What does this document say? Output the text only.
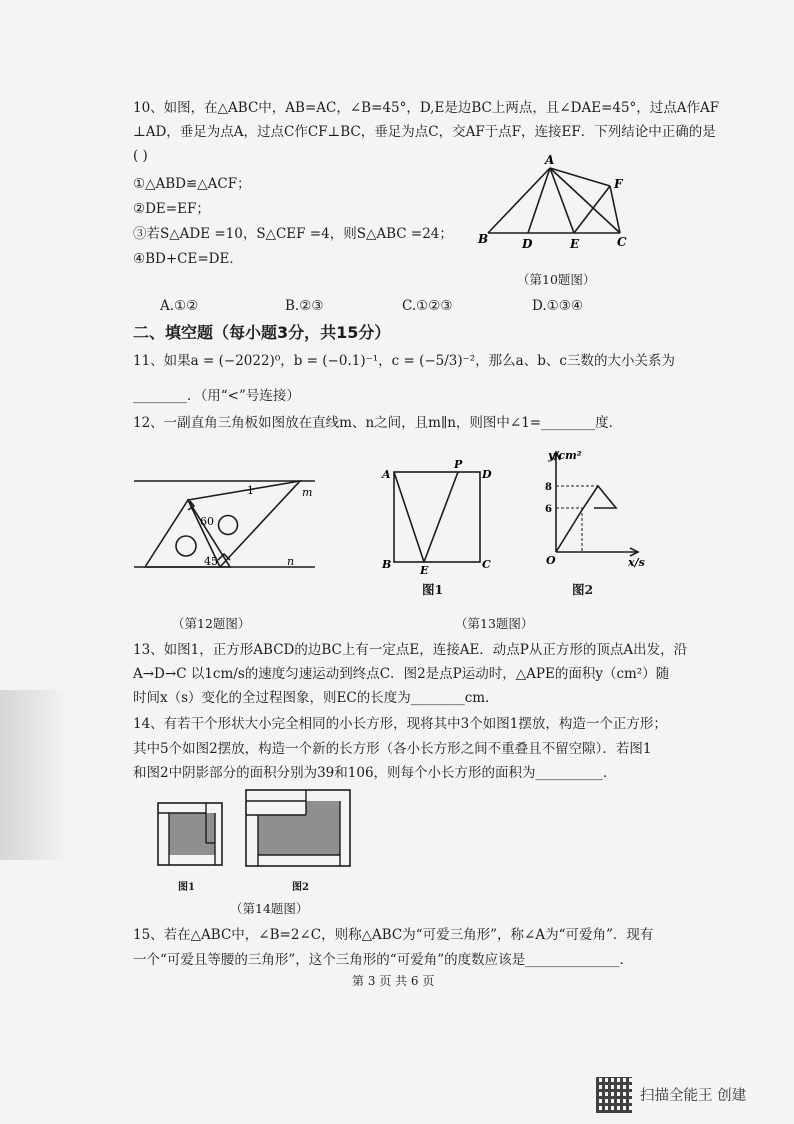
10、如图，在△ABC中，AB=AC，∠B=45°，D,E是边BC上两点，且∠DAE=45°，过点A作AF
⊥AD，垂足为点A，过点C作CF⊥BC，垂足为点C，交AF于点F，连接EF．下列结论中正确的是
( )
①△ABD≌△ACF；
②DE=EF；
③若S△ADE =10，S△CEF =4，则S△ABC =24；
④BD+CE=DE．
A
F
B	D	E	C
（第10题图）
A.①②	B.②③	C.①②③	D.①③④
二、填空题（每小题3分，共15分）
11、如果a = (−2022)⁰，b = (−0.1)⁻¹，c = (−5/3)⁻²，那么a、b、c三数的大小关系为
________．（用“<”号连接）
12、一副直角三角板如图放在直线m、n之间，且m∥n，则图中∠1=________度．
1	m
60
45	n
（第12题图）
A
P
D
B	E	C
图1
y/cm²
8
6
O	x/s
图2
（第13题图）
13、如图1，正方形ABCD的边BC上有一定点E，连接AE．动点P从正方形的顶点A出发，沿
A→D→C 以1cm/s的速度匀速运动到终点C．图2是点P运动时，△APE的面积y（cm²）随
时间x（s）变化的全过程图象，则EC的长度为________cm．
14、有若干个形状大小完全相同的小长方形，现将其中3个如图1摆放，构造一个正方形；
其中5个如图2摆放，构造一个新的长方形（各小长方形之间不重叠且不留空隙）．若图1
和图2中阴影部分的面积分别为39和106，则每个小长方形的面积为__________．
图1	图2
（第14题图）
15、若在△ABC中，∠B=2∠C，则称△ABC为“可爱三角形”，称∠A为“可爱角”．现有
一个“可爱且等腰的三角形”，这个三角形的“可爱角”的度数应该是______________．
第 3 页 共 6 页
扫描全能王 创建
